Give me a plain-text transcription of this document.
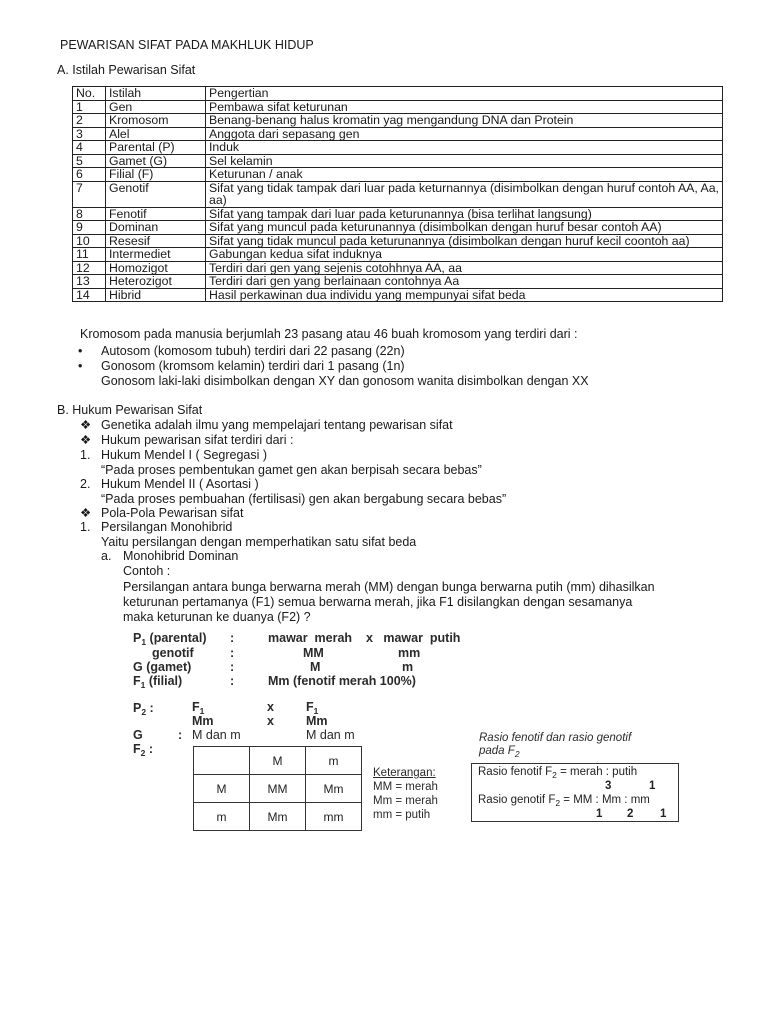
PEWARISAN SIFAT PADA MAKHLUK HIDUP
A. Istilah Pewarisan Sifat
No.	Istilah	Pengertian
1	Gen	Pembawa sifat keturunan
2	Kromosom	Benang-benang halus kromatin yag mengandung DNA dan Protein
3	Alel	Anggota dari sepasang gen
4	Parental (P)	Induk
5	Gamet (G)	Sel kelamin
6	Filial (F)	Keturunan / anak
7	Genotif	Sifat yang tidak tampak dari luar pada keturnannya (disimbolkan dengan huruf contoh AA, Aa, aa)
8	Fenotif	Sifat yang tampak dari luar pada keturunannya (bisa terlihat langsung)
9	Dominan	Sifat yang muncul pada keturunannya (disimbolkan dengan huruf besar contoh AA)
10	Resesif	Sifat yang tidak muncul pada keturunannya (disimbolkan dengan huruf kecil coontoh aa)
11	Intermediet	Gabungan kedua sifat induknya
12	Homozigot	Terdiri dari gen yang sejenis cotohhnya AA, aa
13	Heterozigot	Terdiri dari gen yang berlainaan contohnya Aa
14	Hibrid	Hasil perkawinan dua individu yang mempunyai sifat beda
Kromosom pada manusia berjumlah 23 pasang atau 46 buah kromosom yang terdiri dari :
• Autosom (komosom tubuh) terdiri dari 22 pasang (22n)
• Gonosom (kromsom kelamin) terdiri dari 1 pasang (1n)
Gonosom laki-laki disimbolkan dengan XY dan gonosom wanita disimbolkan dengan XX
B. Hukum Pewarisan Sifat
❖ Genetika adalah ilmu yang mempelajari tentang pewarisan sifat
❖ Hukum pewarisan sifat terdiri dari :
1. Hukum Mendel I ( Segregasi )
“Pada proses pembentukan gamet gen akan berpisah secara bebas”
2. Hukum Mendel II ( Asortasi )
“Pada proses pembuahan (fertilisasi) gen akan bergabung secara bebas”
❖ Pola-Pola Pewarisan sifat
1. Persilangan Monohibrid
Yaitu persilangan dengan memperhatikan satu sifat beda
a. Monohibrid Dominan
Contoh :
Persilangan antara bunga berwarna merah (MM) dengan bunga berwarna putih (mm) dihasilkan
keturunan pertamanya (F1) semua berwarna merah, jika F1 disilangkan dengan sesamanya
maka keturunan ke duanya (F2) ?
$P_1$ (parental) :	mawar  merah    x   mawar  putih
genotif	:	MM	mm
G (gamet)	:	M	m
$F_1$ (filial)	:	Mm (fenotif merah 100%)
$P_2$ :	$F_1$	x	$F_1$
Mm	x	Mm
G	: M dan m	M dan m
$F_2$ :
	M	m
M	MM	Mm
m	Mm	mm
Keterangan:
MM = merah
Mm = merah
mm = putih
Rasio fenotif dan rasio genotif
pada $F_2$
Rasio fenotif $F_2$ = merah : putih
3	1
Rasio genotif $F_2$ = MM : Mm : mm
1 2 1
